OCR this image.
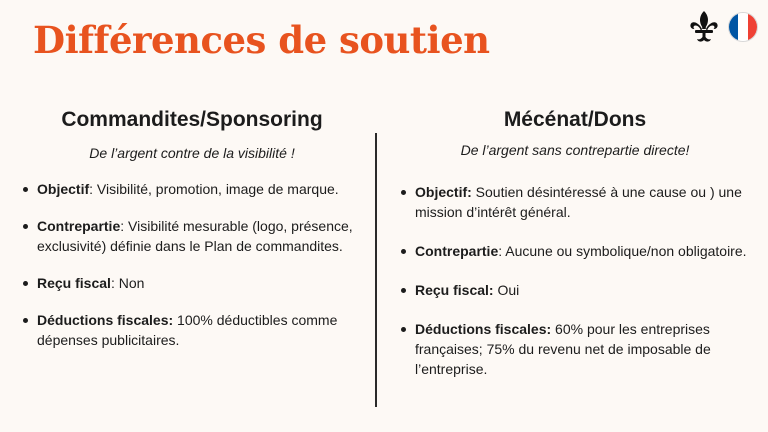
Différences de soutien
Commandites/Sponsoring
De l’argent contre de la visibilité !
Objectif: Visibilité, promotion, image de marque.
Contrepartie: Visibilité mesurable (logo, présence, exclusivité) définie dans le Plan de commandites.
Reçu fiscal: Non
Déductions fiscales: 100% déductibles comme dépenses publicitaires.
Mécénat/Dons
De l’argent sans contrepartie directe!
Objectif: Soutien désintéressé à une cause ou ) une mission d’intérêt général.
Contrepartie: Aucune ou symbolique/non obligatoire.
Reçu fiscal: Oui
Déductions fiscales: 60% pour les entreprises françaises; 75% du revenu net de imposable de l’entreprise.
